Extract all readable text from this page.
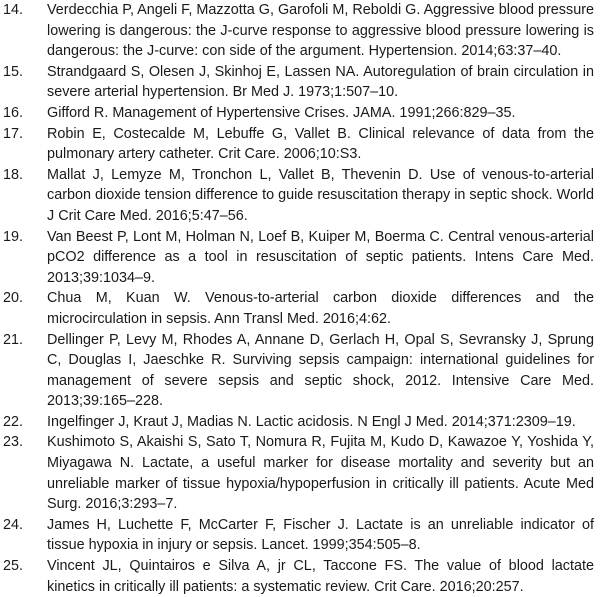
14. Verdecchia P, Angeli F, Mazzotta G, Garofoli M, Reboldi G. Aggressive blood pressure lowering is dangerous: the J-curve response to aggressive blood pressure lowering is dangerous: the J-curve: con side of the argument. Hypertension. 2014;63:37–40.
15. Strandgaard S, Olesen J, Skinhoj E, Lassen NA. Autoregulation of brain circulation in severe arterial hypertension. Br Med J. 1973;1:507–10.
16. Gifford R. Management of Hypertensive Crises. JAMA. 1991;266:829–35.
17. Robin E, Costecalde M, Lebuffe G, Vallet B. Clinical relevance of data from the pulmonary artery catheter. Crit Care. 2006;10:S3.
18. Mallat J, Lemyze M, Tronchon L, Vallet B, Thevenin D. Use of venous-to-arterial carbon dioxide tension difference to guide resuscitation therapy in septic shock. World J Crit Care Med. 2016;5:47–56.
19. Van Beest P, Lont M, Holman N, Loef B, Kuiper M, Boerma C. Central venous-arterial pCO2 difference as a tool in resuscitation of septic patients. Intens Care Med. 2013;39:1034–9.
20. Chua M, Kuan W. Venous-to-arterial carbon dioxide differences and the microcirculation in sepsis. Ann Transl Med. 2016;4:62.
21. Dellinger P, Levy M, Rhodes A, Annane D, Gerlach H, Opal S, Sevransky J, Sprung C, Douglas I, Jaeschke R. Surviving sepsis campaign: international guidelines for management of severe sepsis and septic shock, 2012. Intensive Care Med. 2013;39:165–228.
22. Ingelfinger J, Kraut J, Madias N. Lactic acidosis. N Engl J Med. 2014;371:2309–19.
23. Kushimoto S, Akaishi S, Sato T, Nomura R, Fujita M, Kudo D, Kawazoe Y, Yoshida Y, Miyagawa N. Lactate, a useful marker for disease mortality and severity but an unreliable marker of tissue hypoxia/hypoperfusion in critically ill patients. Acute Med Surg. 2016;3:293–7.
24. James H, Luchette F, McCarter F, Fischer J. Lactate is an unreliable indicator of tissue hypoxia in injury or sepsis. Lancet. 1999;354:505–8.
25. Vincent JL, Quintairos e Silva A, jr CL, Taccone FS. The value of blood lactate kinetics in critically ill patients: a systematic review. Crit Care. 2016;20:257.
